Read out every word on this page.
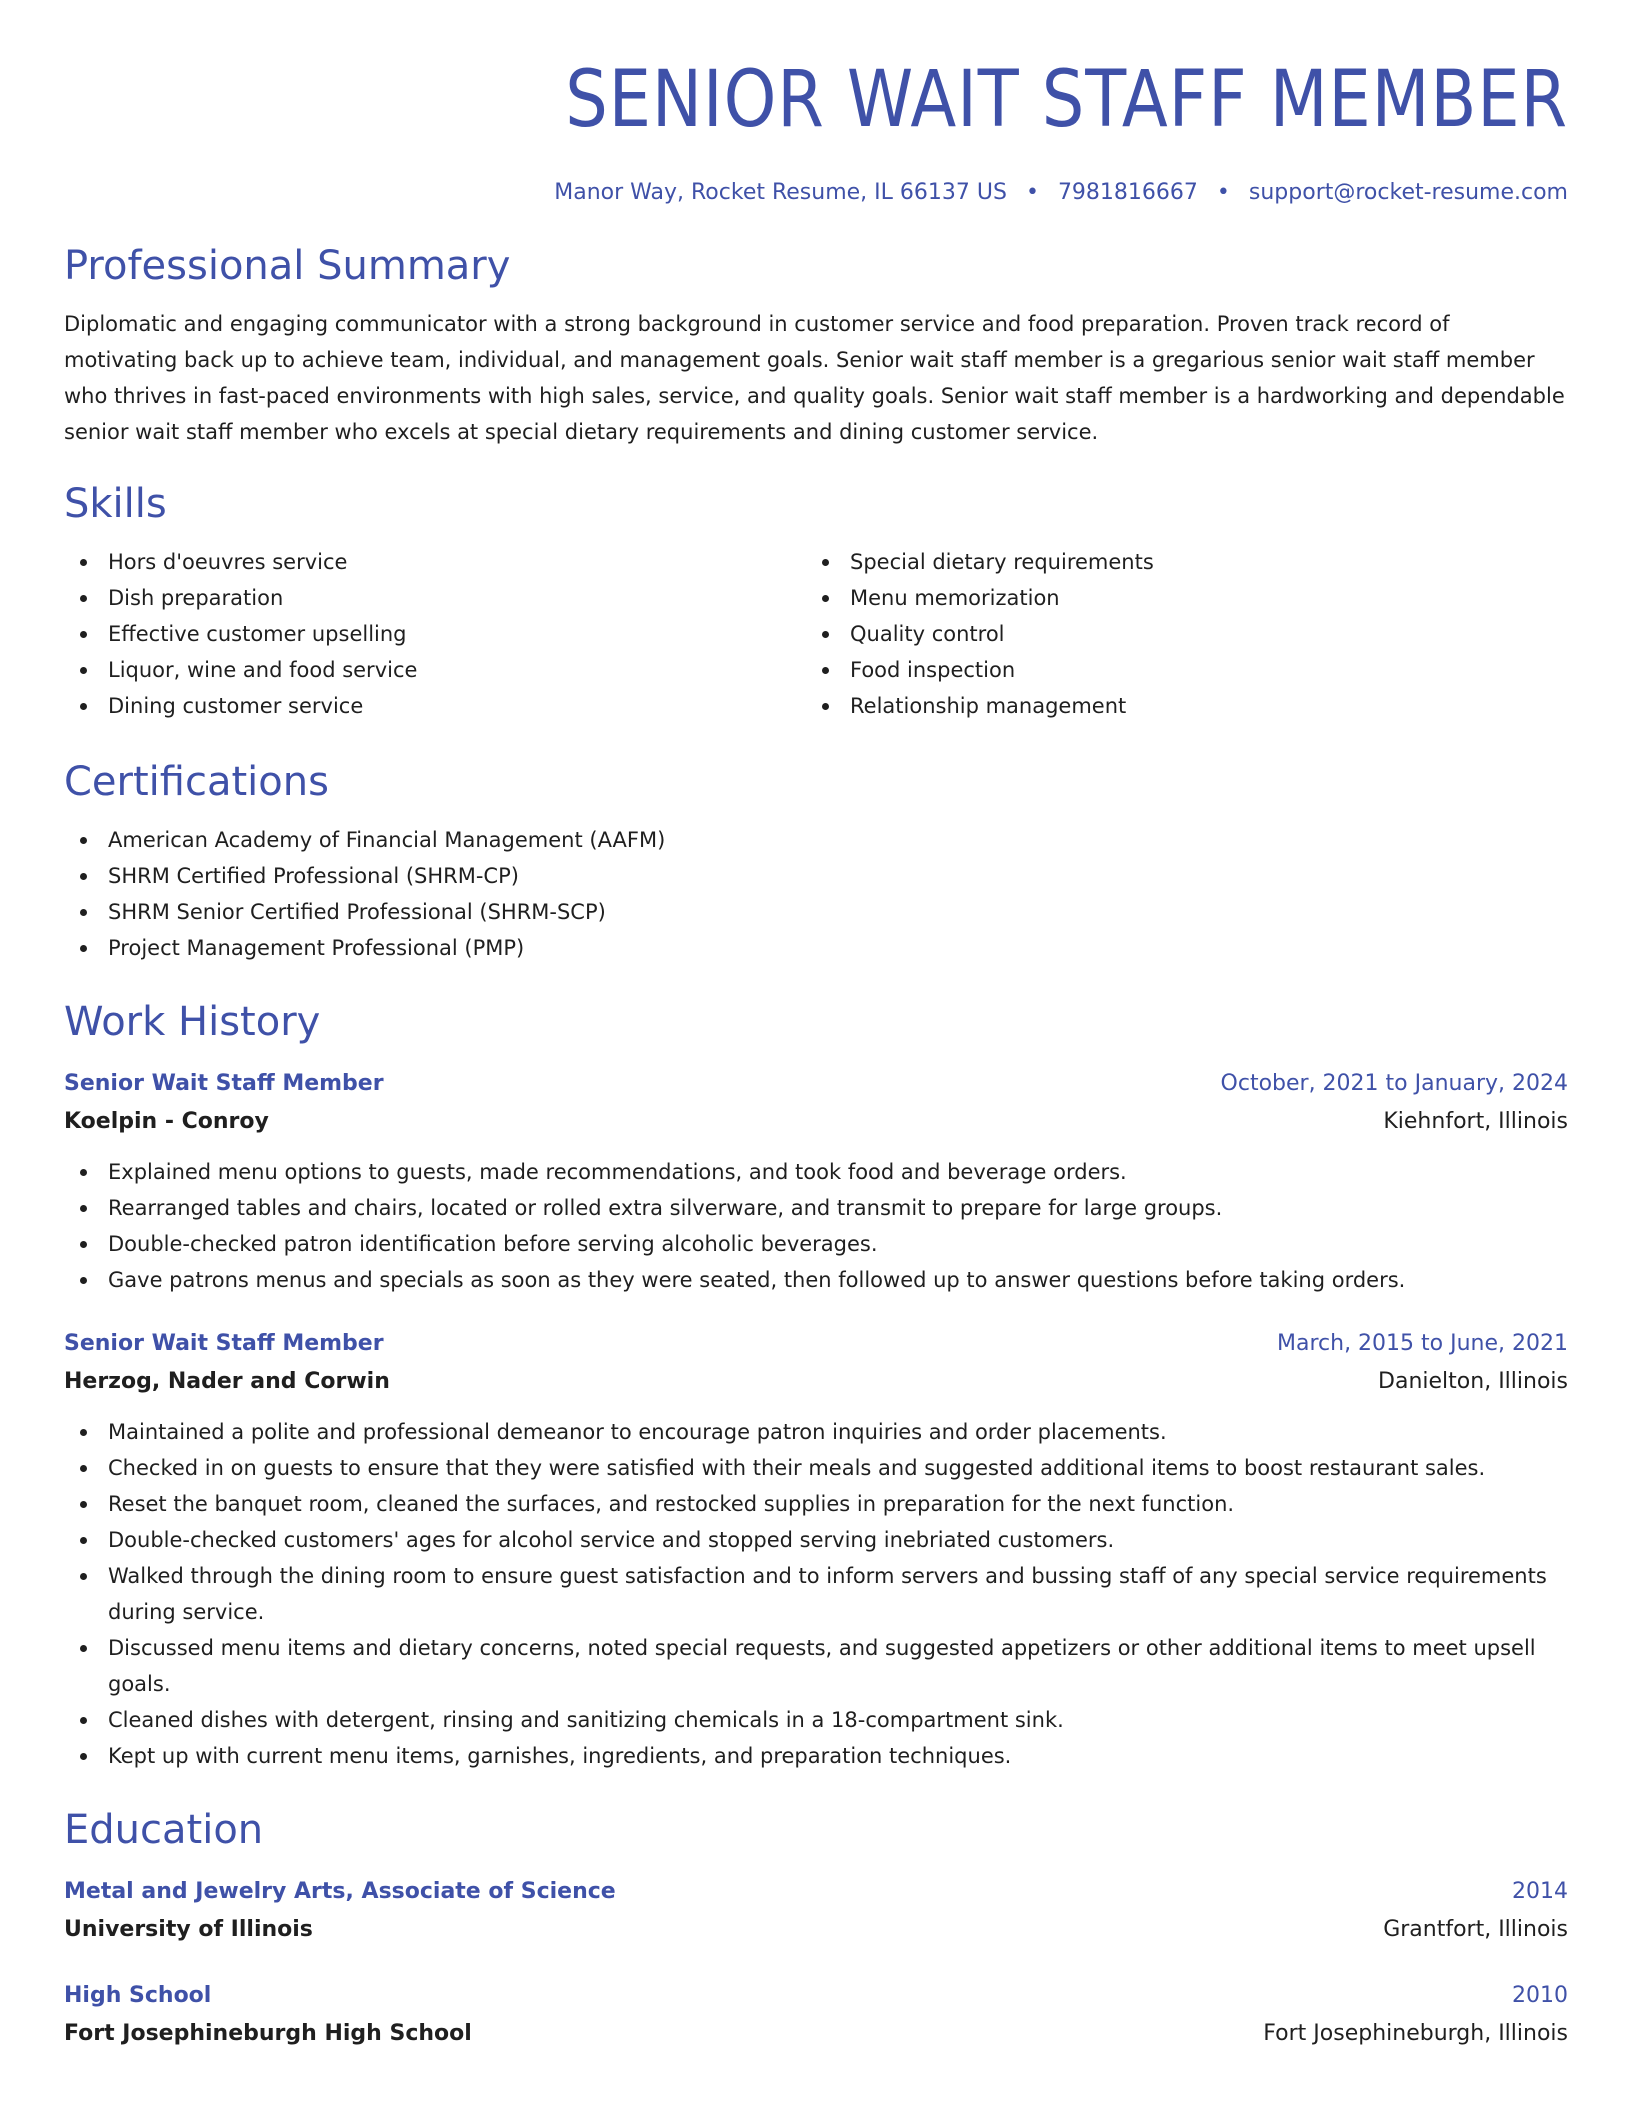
SENIOR WAIT STAFF MEMBER
Manor Way, Rocket Resume, IL 66137 US • 7981816667 • support@rocket-resume.com
Professional Summary

Diplomatic and engaging communicator with a strong background in customer service and food preparation. Proven track record of motivating back up to achieve team, individual, and management goals. Senior wait staff member is a gregarious senior wait staff member who thrives in fast-paced environments with high sales, service, and quality goals. Senior wait staff member is a hardworking and dependable senior wait staff member who excels at special dietary requirements and dining customer service.

Skills
Hors d'oeuvres service
Dish preparation
Effective customer upselling
Liquor, wine and food service
Dining customer service
Special dietary requirements
Menu memorization
Quality control
Food inspection
Relationship management
Certifications
American Academy of Financial Management (AAFM)
SHRM Certified Professional (SHRM-CP)
SHRM Senior Certified Professional (SHRM-SCP)
Project Management Professional (PMP)
Work History
Senior Wait Staff Member	October, 2021 to January, 2024
Koelpin - Conroy	Kiehnfort, Illinois
Explained menu options to guests, made recommendations, and took food and beverage orders.
Rearranged tables and chairs, located or rolled extra silverware, and transmit to prepare for large groups.
Double-checked patron identification before serving alcoholic beverages.
Gave patrons menus and specials as soon as they were seated, then followed up to answer questions before taking orders.
Senior Wait Staff Member	March, 2015 to June, 2021
Herzog, Nader and Corwin	Danielton, Illinois
Maintained a polite and professional demeanor to encourage patron inquiries and order placements.
Checked in on guests to ensure that they were satisfied with their meals and suggested additional items to boost restaurant sales.
Reset the banquet room, cleaned the surfaces, and restocked supplies in preparation for the next function.
Double-checked customers' ages for alcohol service and stopped serving inebriated customers.
Walked through the dining room to ensure guest satisfaction and to inform servers and bussing staff of any special service requirements during service.
Discussed menu items and dietary concerns, noted special requests, and suggested appetizers or other additional items to meet upsell goals.
Cleaned dishes with detergent, rinsing and sanitizing chemicals in a 18-compartment sink.
Kept up with current menu items, garnishes, ingredients, and preparation techniques.
Education
Metal and Jewelry Arts, Associate of Science	2014
University of Illinois	Grantfort, Illinois
High School	2010
Fort Josephineburgh High School	Fort Josephineburgh, Illinois
